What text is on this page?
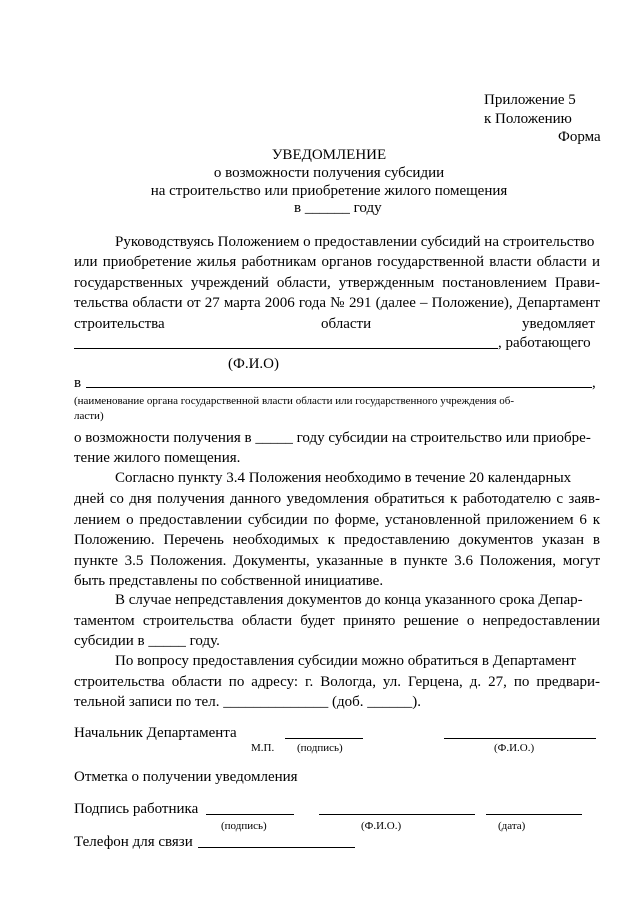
Приложение 5
к Положению
Форма
УВЕДОМЛЕНИЕ
о возможности получения субсидии
на строительство или приобретение жилого помещения
в ______ году
Руководствуясь Положением о предоставлении субсидий на строительство
или приобретение жилья работникам органов государственной власти области и
государственных учреждений области, утвержденным постановлением Прави-
тельства области от 27 марта 2006 года № 291 (далее – Положение), Департамент
строительства	области	уведомляет
, работающего
(Ф.И.О)
в	,
(наименование органа государственной власти области или государственного учреждения об-
ласти)
о возможности получения в _____ году субсидии на строительство или приобре-
тение жилого помещения.
Согласно пункту 3.4 Положения необходимо в течение 20 календарных
дней со дня получения данного уведомления обратиться к работодателю с заяв-
лением о предоставлении субсидии по форме, установленной приложением 6 к
Положению. Перечень необходимых к предоставлению документов указан в
пункте 3.5 Положения. Документы, указанные в пункте 3.6 Положения, могут
быть представлены по собственной инициативе.
В случае непредставления документов до конца указанного срока Депар-
таментом строительства области будет принято решение о непредоставлении
субсидии в _____ году.
По вопросу предоставления субсидии можно обратиться в Департамент
строительства области по адресу: г. Вологда, ул. Герцена, д. 27, по предвари-
тельной записи по тел. ______________ (доб. ______).
Начальник Департамента
М.П. (подпись)	(Ф.И.О.)
Отметка о получении уведомления
Подпись работника
(подпись)	(Ф.И.О.)	(дата)
Телефон для связи
